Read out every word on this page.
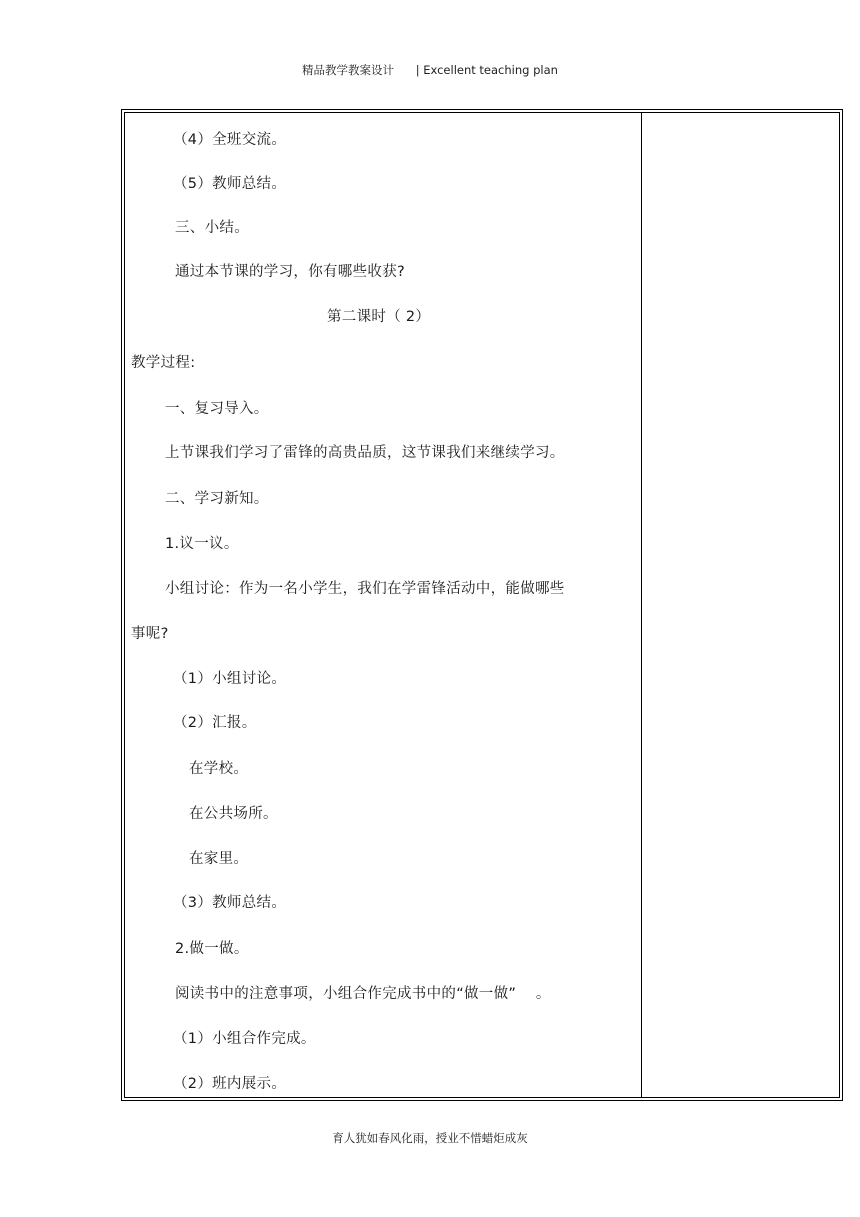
精品教学教案设计 | Excellent teaching plan
（4）全班交流。
（5）教师总结。
三、小结。
通过本节课的学习，你有哪些收获?
第二课时（ 2）
教学过程:
一、复习导入。
上节课我们学习了雷锋的高贵品质，这节课我们来继续学习。
二、学习新知。
1.议一议。
小组讨论：作为一名小学生，我们在学雷锋活动中，能做哪些
事呢?
（1）小组讨论。
（2）汇报。
在学校。
在公共场所。
在家里。
（3）教师总结。
2.做一做。
阅读书中的注意事项，小组合作完成书中的“做一做”　 。
（1）小组合作完成。
（2）班内展示。
育人犹如春风化雨，授业不惜蜡炬成灰
